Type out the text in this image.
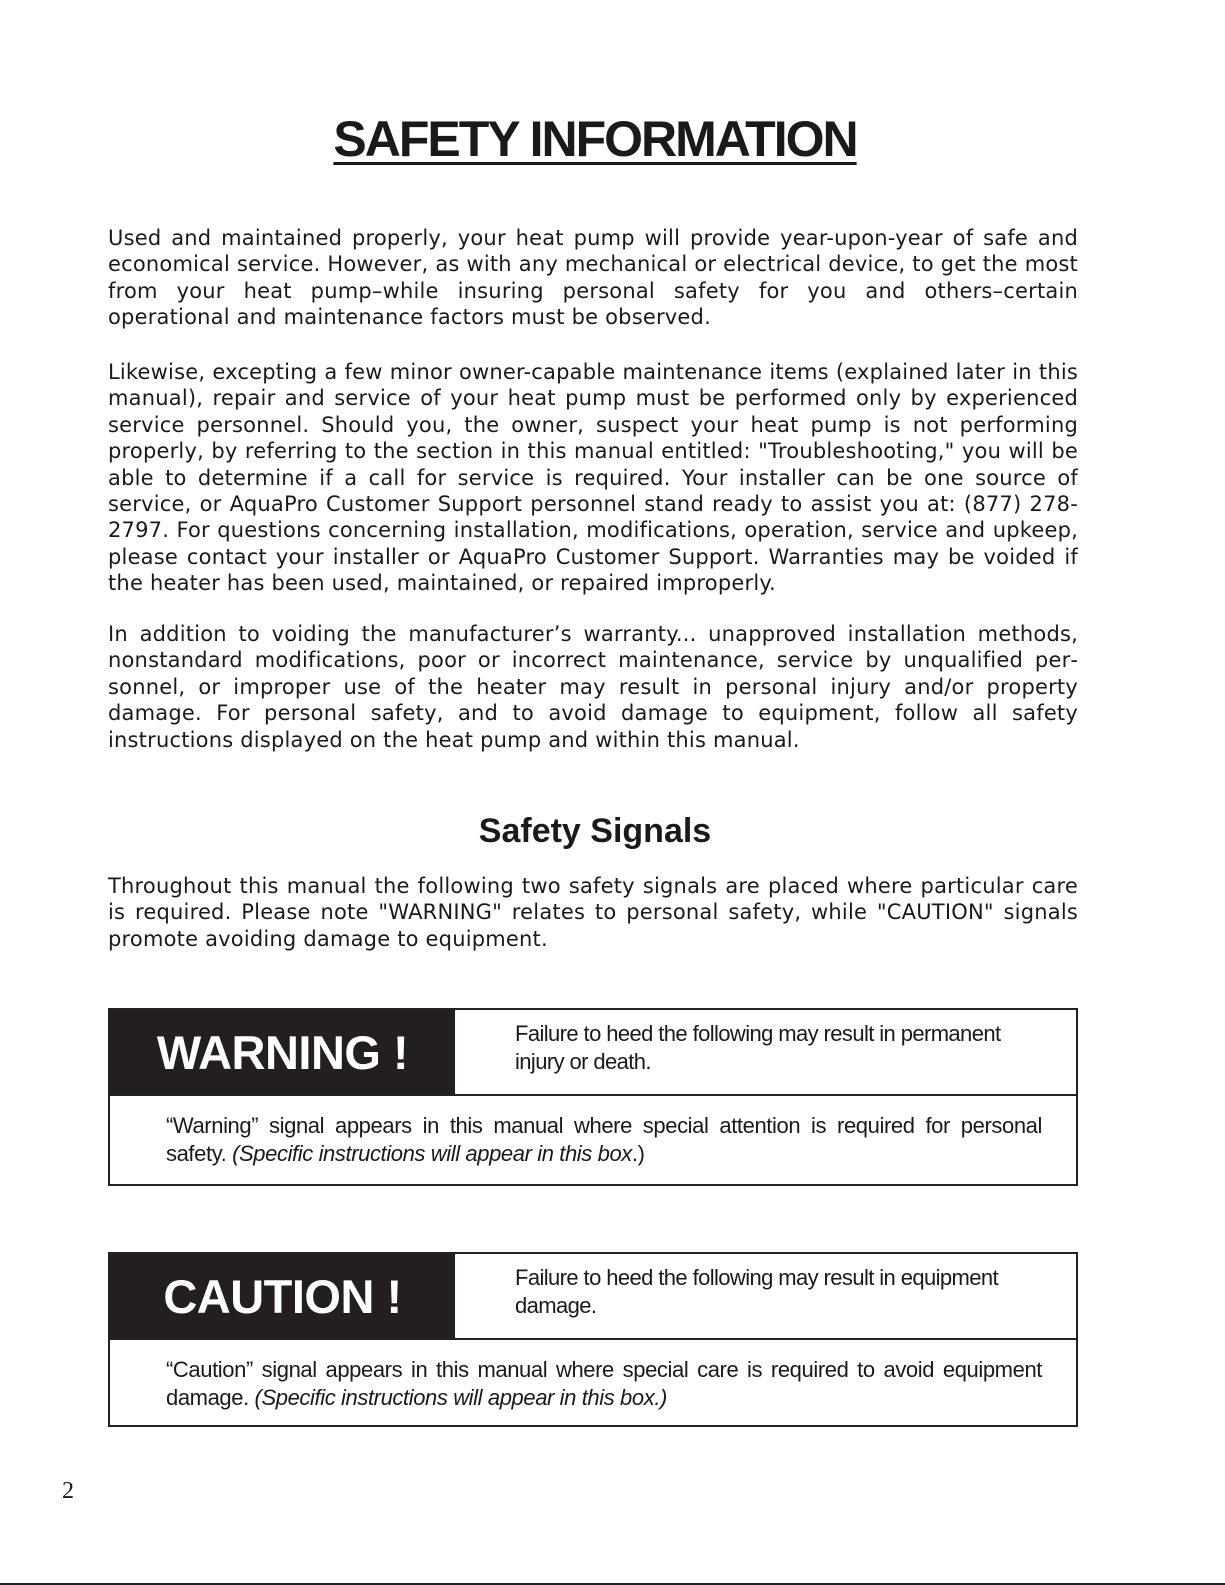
SAFETY INFORMATION

Used and maintained properly, your heat pump will provide year-upon-year of safe and economical service. However, as with any mechanical or electrical device, to get the most from your heat pump–while insuring personal safety for you and others–certain operational and maintenance factors must be observed.

Likewise, excepting a few minor owner-capable maintenance items (explained later in this manual), repair and service of your heat pump must be performed only by experienced service personnel. Should you, the owner, suspect your heat pump is not performing properly, by referring to the section in this manual entitled: "Troubleshooting," you will be able to determine if a call for service is required. Your installer can be one source of service, or AquaPro Customer Support personnel stand ready to assist you at: (877) 278-2797. For questions concerning installation, modifications, operation, service and upkeep, please contact your installer or AquaPro Customer Support. Warranties may be voided if the heater has been used, maintained, or repaired improperly.

In addition to voiding the manufacturer’s warranty... unapproved installation methods, nonstandard modifications, poor or incorrect maintenance, service by unqualified personnel, or improper use of the heater may result in personal injury and/or property damage. For personal safety, and to avoid damage to equipment, follow all safety instructions displayed on the heat pump and within this manual.

Safety Signals

Throughout this manual the following two safety signals are placed where particular care is required. Please note "WARNING" relates to personal safety, while "CAUTION" signals promote avoiding damage to equipment.

WARNING !	Failure to heed the following may result in permanent injury or death.
“Warning” signal appears in this manual where special attention is required for personal safety. (Specific instructions will appear in this box.)
CAUTION !	Failure to heed the following may result in equipment damage.
“Caution” signal appears in this manual where special care is required to avoid equipment damage. (Specific instructions will appear in this box.)
2
